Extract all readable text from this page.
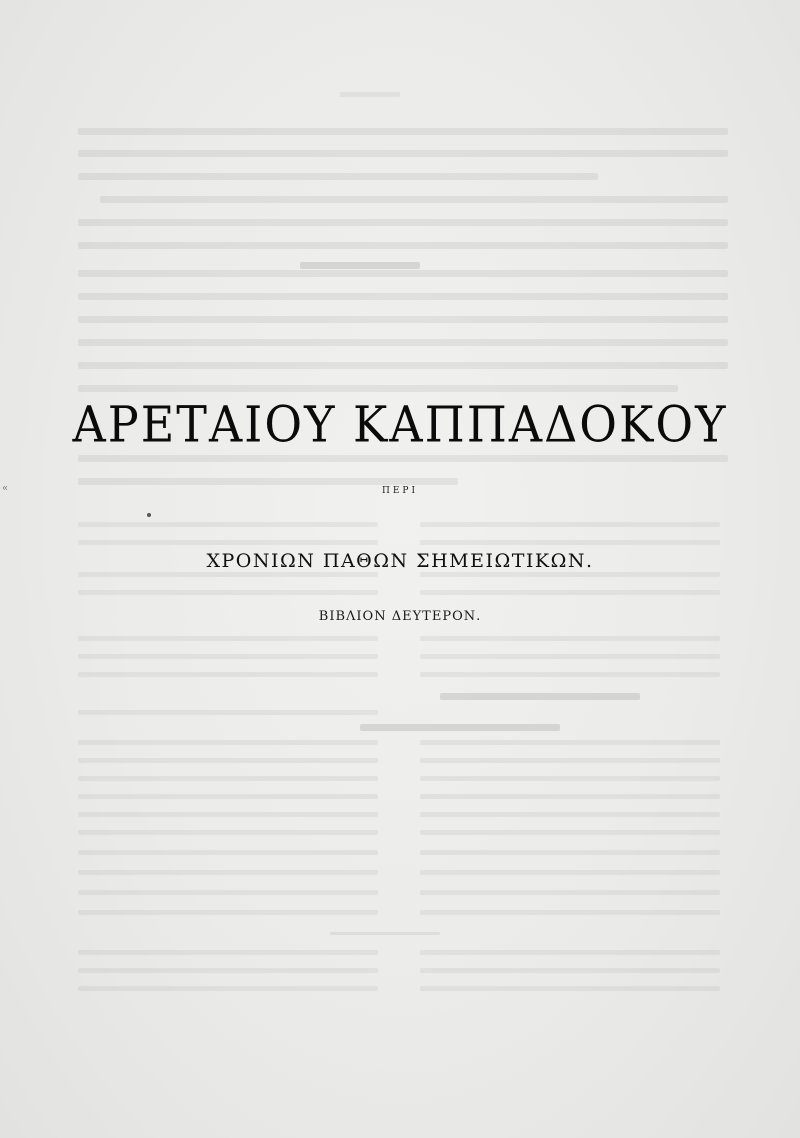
«
ΑΡΕΤΑΙΟΥ ΚΑΠΠΑΔΟΚΟΥ
ΠΕΡΙ
ΧΡΟΝΙΩΝ ΠΑΘΩΝ ΣΗΜΕΙΩΤΙΚΩΝ.
ΒΙΒΛΙΟΝ ΔΕΥΤΕΡΟΝ.
